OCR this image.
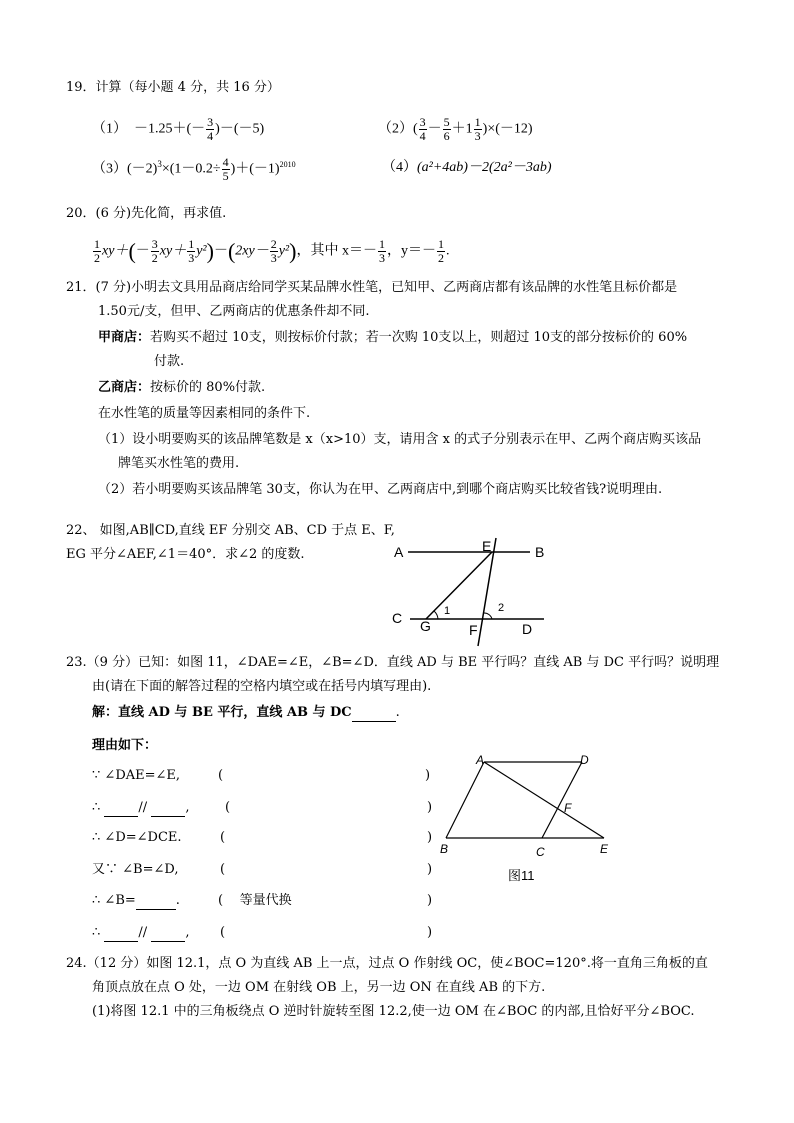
19．计算（每小题 4 分，共 16 分）
$(1) -1.25+(- \frac{3}{4} )-(-5)$	$(2)( \frac{3}{4} - \frac{5}{6} +1 \frac{1}{3} )\times(-12)$
$(3)(-2)^3\times(1-0.2\div \frac{4}{5} )+(-1)^{2010}$	（4）(a²+4ab)－2(2a²－3ab)
20．(6 分)先化简，再求值.
$\frac{1}{2} xy+(- \frac{3}{2} xy+ \frac{1}{3} y^2)-(2xy- \frac{2}{3} y^2)$，其中 $x=- \frac{1}{3}$ ，$y=- \frac{1}{2}$ .
21．(7 分)小明去文具用品商店给同学买某品牌水性笔，已知甲、乙两商店都有该品牌的水性笔且标价都是
1.50元/支，但甲、乙两商店的优惠条件却不同.
甲商店：若购买不超过 10支，则按标价付款；若一次购 10支以上，则超过 10支的部分按标价的 60%
付款.
乙商店：按标价的 80%付款.
在水性笔的质量等因素相同的条件下.
（1）设小明要购买的该品牌笔数是 x（x>10）支，请用含 x 的式子分别表示在甲、乙两个商店购买该品
牌笔买水性笔的费用.
（2）若小明要购买该品牌笔 30支，你认为在甲、乙两商店中,到哪个商店购买比较省钱?说明理由.
22、 如图,AB∥CD,直线 EF 分别交 AB、CD 于点 E、F,
EG 平分∠AEF,∠1＝40°．求∠2 的度数.	A	B
C
D
E
F
G
1	2
23.（9 分）已知：如图 11，∠DAE=∠E，∠B=∠D．直线 AD 与 BE 平行吗？直线 AB 与 DC 平行吗？说明理
由(请在下面的解答过程的空格内填空或在括号内填写理由).
解：直线 AD 与 BE 平行，直线 AB 与 DC	.
理由如下：
∵ ∠DAE=∠E,	(	)
∴	//	,	(	)
∴ ∠D=∠DCE.	(	)
又∵ ∠B=∠D,	(	)
∴ ∠B=	.	( 等量代换	)
∴	//	, (	)
A	D
B	C	E
F
图11
24.（12 分）如图 12.1，点 O 为直线 AB 上一点，过点 O 作射线 OC，使∠BOC=120°.将一直角三角板的直
角顶点放在点 O 处，一边 OM 在射线 OB 上，另一边 ON 在直线 AB 的下方.
(1)将图 12.1 中的三角板绕点 O 逆时针旋转至图 12.2,使一边 OM 在∠BOC 的内部,且恰好平分∠BOC.
